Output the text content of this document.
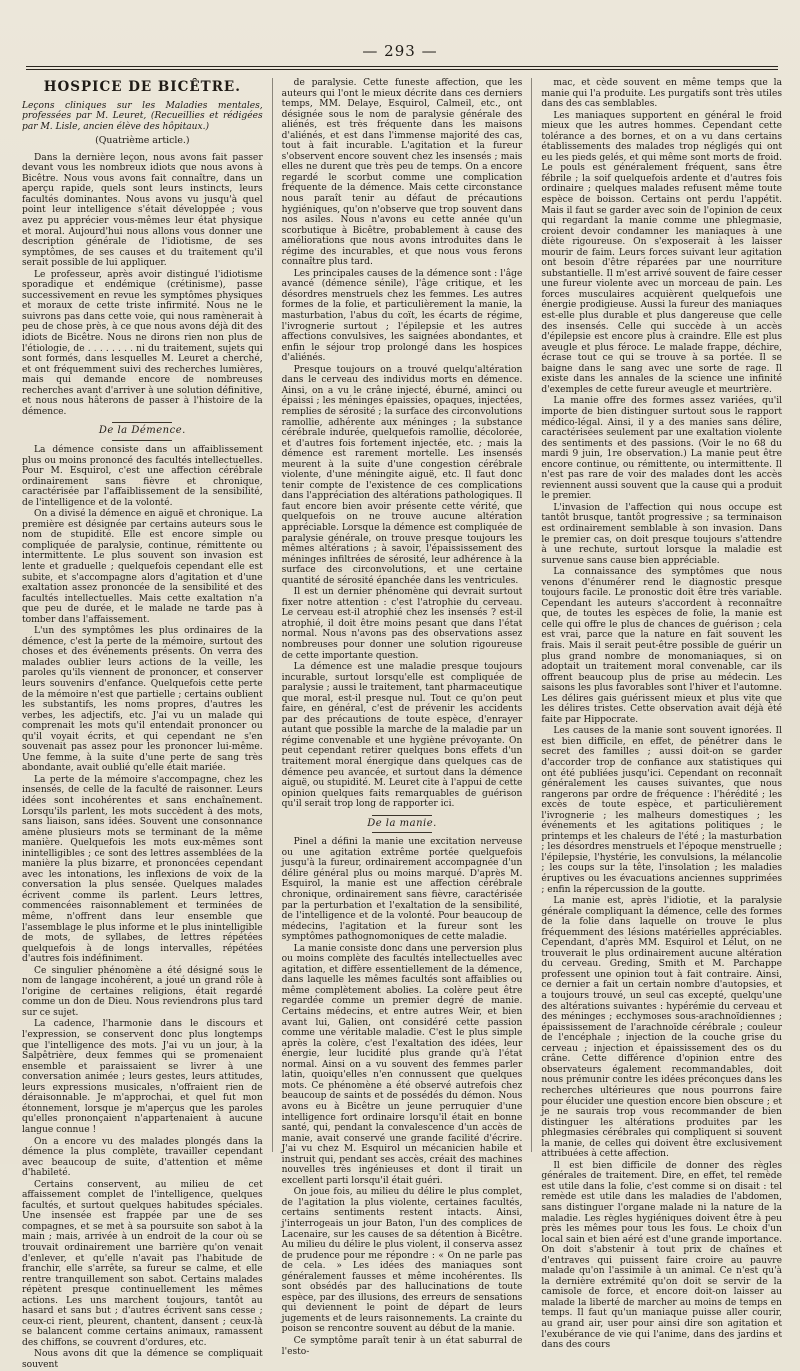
— 293 —
HOSPICE DE BICÊTRE.

Leçons cliniques sur les Maladies mentales, professées par M. Leuret, (Recueillies et rédigées par M. Lisle, ancien élève des hôpitaux.)

(Quatrième article.)

Dans la dernière leçon, nous avons fait passer devant vous les nombreux idiots que nous avons à Bicêtre. Nous vous avons fait connaître, dans un aperçu rapide, quels sont leurs instincts, leurs facultés dominantes. Nous avons vu jusqu'à quel point leur intelligence s'était développée ; vous avez pu apprécier vous-mêmes leur état physique et moral. Aujourd'hui nous allons vous donner une description générale de l'idiotisme, de ses symptômes, de ses causes et du traitement qu'il serait possible de lui appliquer.

Le professeur, après avoir distingué l'idiotisme sporadique et endémique (crétinisme), passe successivement en revue les symptômes physiques et moraux de cette triste infirmité. Nous ne le suivrons pas dans cette voie, qui nous ramènerait à peu de chose près, à ce que nous avons déjà dit des idiots de Bicêtre. Nous ne dirons rien non plus de l'étiologie, de . . . . . . . . ni du traitement, sujets qui sont formés, dans lesquelles M. Leuret a cherché, et ont fréquemment suivi des recherches lumières, mais qui demande encore de nombreuses recherches avant d'arriver à une solution définitive, et nous nous hâterons de passer à l'histoire de la démence.

De la Démence.

La démence consiste dans un affaiblissement plus ou moins prononcé des facultés intellectuelles. Pour M. Esquirol, c'est une affection cérébrale ordinairement sans fièvre et chronique, caractérisée par l'affaiblissement de la sensibilité, de l'intelligence et de la volonté.

On a divisé la démence en aiguë et chronique. La première est désignée par certains auteurs sous le nom de stupidité. Elle est encore simple ou compliquée de paralysie, continue, rémittente ou intermittente. Le plus souvent son invasion est lente et graduelle ; quelquefois cependant elle est subite, et s'accompagne alors d'agitation et d'une exaltation assez prononcée de la sensibilité et des facultés intellectuelles. Mais cette exaltation n'a que peu de durée, et le malade ne tarde pas à tomber dans l'affaissement.

L'un des symptômes les plus ordinaires de la démence, c'est la perte de la mémoire, surtout des choses et des événements présents. On verra des malades oublier leurs actions de la veille, les paroles qu'ils viennent de prononcer, et conserver leurs souvenirs d'enfance. Quelquefois cette perte de la mémoire n'est que partielle ; certains oublient les substantifs, les noms propres, d'autres les verbes, les adjectifs, etc. J'ai vu un malade qui comprenait les mots qu'il entendait prononcer ou qu'il voyait écrits, et qui cependant ne s'en souvenait pas assez pour les prononcer lui-même. Une femme, à la suite d'une perte de sang très abondante, avait oublié qu'elle était mariée.

La perte de la mémoire s'accompagne, chez les insensés, de celle de la faculté de raisonner. Leurs idées sont incohérentes et sans enchaînement. Lorsqu'ils parlent, les mots succèdent à des mots, sans liaison, sans idées. Souvent une consonnance amène plusieurs mots se terminant de la même manière. Quelquefois les mots eux-mêmes sont inintelligibles ; ce sont des lettres assemblées de la manière la plus bizarre, et prononcées cependant avec les intonations, les inflexions de voix de la conversation la plus sensée. Quelques malades écrivent comme ils parlent. Leurs lettres, commencées raisonnablement et terminées de même, n'offrent dans leur ensemble que l'assemblage le plus informe et le plus inintelligible de mots, de syllabes, de lettres répétées quelquefois à de longs intervalles, répétées d'autres fois indéfiniment.

Ce singulier phénomène a été désigné sous le nom de langage incohérent, a joué un grand rôle à l'origine de certaines religions, était regardé comme un don de Dieu. Nous reviendrons plus tard sur ce sujet.

La cadence, l'harmonie dans le discours et l'expression, se conservent donc plus longtemps que l'intelligence des mots. J'ai vu un jour, à la Salpêtrière, deux femmes qui se promenaient ensemble et paraissaient se livrer à une conversation animée ; leurs gestes, leurs attitudes, leurs expressions musicales, n'offraient rien de déraisonnable. Je m'approchai, et quel fut mon étonnement, lorsque je m'aperçus que les paroles qu'elles prononçaient n'appartenaient à aucune langue connue !

On a encore vu des malades plongés dans la démence la plus complète, travailler cependant avec beaucoup de suite, d'attention et même d'habileté.

Certains conservent, au milieu de cet affaissement complet de l'intelligence, quelques facultés, et surtout quelques habitudes spéciales. Une insensée est frappée par une de ses compagnes, et se met à sa poursuite son sabot à la main ; mais, arrivée à un endroit de la cour où se trouvait ordinairement une barrière qu'on venait d'enlever, et qu'elle n'avait pas l'habitude de franchir, elle s'arrête, sa fureur se calme, et elle rentre tranquillement son sabot. Certains malades répètent presque continuellement les mêmes actions. Les uns marchent toujours, tantôt au hasard et sans but ; d'autres écrivent sans cesse ; ceux-ci rient, pleurent, chantent, dansent ; ceux-là se balancent comme certains animaux, ramassent des chiffons, se couvrent d'ordures, etc.

Nous avons dit que la démence se compliquait souvent

de paralysie. Cette funeste affection, que les auteurs qui l'ont le mieux décrite dans ces derniers temps, MM. Delaye, Esquirol, Calmeil, etc., ont désignée sous le nom de paralysie générale des aliénés, est très fréquente dans les maisons d'aliénés, et est dans l'immense majorité des cas, tout à fait incurable. L'agitation et la fureur s'observent encore souvent chez les insensés ; mais elles ne durent que très peu de temps. On a encore regardé le scorbut comme une complication fréquente de la démence. Mais cette circonstance nous paraît tenir au défaut de précautions hygiéniques, qu'on n'observe que trop souvent dans nos asiles. Nous n'avons eu cette année qu'un scorbutique à Bicêtre, probablement à cause des améliorations que nous avons introduites dans le régime des incurables, et que nous vous ferons connaître plus tard.

Les principales causes de la démence sont : l'âge avancé (démence sénile), l'âge critique, et les désordres menstruels chez les femmes. Les autres formes de la folie, et particulièrement la manie, la masturbation, l'abus du coït, les écarts de régime, l'ivrognerie surtout ; l'épilepsie et les autres affections convulsives, les saignées abondantes, et enfin le séjour trop prolongé dans les hospices d'aliénés.

Presque toujours on a trouvé quelqu'altération dans le cerveau des individus morts en démence. Ainsi, on a vu le crâne injecté, éburné, aminci ou épaissi ; les méninges épaissies, opaques, injectées, remplies de sérosité ; la surface des circonvolutions ramollie, adhérente aux méninges ; la substance cérébrale indurée, quelquefois ramollie, décolorée, et d'autres fois fortement injectée, etc. ; mais la démence est rarement mortelle. Les insensés meurent à la suite d'une congestion cérébrale violente, d'une méningite aiguë, etc. Il faut donc tenir compte de l'existence de ces complications dans l'appréciation des altérations pathologiques. Il faut encore bien avoir présente cette vérité, que quelquefois on ne trouve aucune altération appréciable. Lorsque la démence est compliquée de paralysie générale, on trouve presque toujours les mêmes altérations ; à savoir, l'épaississement des méninges infiltrées de sérosité, leur adhérence à la surface des circonvolutions, et une certaine quantité de sérosité épanchée dans les ventricules.

Il est un dernier phénomène qui devrait surtout fixer notre attention : c'est l'atrophie du cerveau. Le cerveau est-il atrophié chez les insensés ? est-il atrophié, il doit être moins pesant que dans l'état normal. Nous n'avons pas des observations assez nombreuses pour donner une solution rigoureuse de cette importante question.

La démence est une maladie presque toujours incurable, surtout lorsqu'elle est compliquée de paralysie ; aussi le traitement, tant pharmaceutique que moral, est-il presque nul. Tout ce qu'on peut faire, en général, c'est de prévenir les accidents par des précautions de toute espèce, d'enrayer autant que possible la marche de la maladie par un régime convenable et une hygiène prévoyante. On peut cependant retirer quelques bons effets d'un traitement moral énergique dans quelques cas de démence peu avancée, et surtout dans la démence aiguë, ou stupidité. M. Leuret cite à l'appui de cette opinion quelques faits remarquables de guérison qu'il serait trop long de rapporter ici.

De la manie.

Pinel a défini la manie une excitation nerveuse ou une agitation extrême portée quelquefois jusqu'à la fureur, ordinairement accompagnée d'un délire général plus ou moins marqué. D'après M. Esquirol, la manie est une affection cérébrale chronique, ordinairement sans fièvre, caractérisée par la perturbation et l'exaltation de la sensibilité, de l'intelligence et de la volonté. Pour beaucoup de médecins, l'agitation et la fureur sont les symptômes pathognomoniques de cette maladie.

La manie consiste donc dans une perversion plus ou moins complète des facultés intellectuelles avec agitation, et diffère essentiellement de la démence, dans laquelle les mêmes facultés sont affaiblies ou même complètement abolies. La colère peut être regardée comme un premier degré de manie. Certains médecins, et entre autres Weir, et bien avant lui, Galien, ont considéré cette passion comme une véritable maladie. C'est le plus simple après la colère, c'est l'exaltation des idées, leur énergie, leur lucidité plus grande qu'à l'état normal. Ainsi on a vu souvent des femmes parler latin, quoiqu'elles n'en connussent que quelques mots. Ce phénomène a été observé autrefois chez beaucoup de saints et de possédés du démon. Nous avons eu à Bicêtre un jeune perruquier d'une intelligence fort ordinaire lorsqu'il était en bonne santé, qui, pendant la convalescence d'un accès de manie, avait conservé une grande facilité d'écrire. J'ai vu chez M. Esquirol un mécanicien habile et instruit qui, pendant ses accès, créait des machines nouvelles très ingénieuses et dont il tirait un excellent parti lorsqu'il était guéri.

On joue fois, au milieu du délire le plus complet, de l'agitation la plus violente, certaines facultés, certains sentiments restent intacts. Ainsi, j'interrogeais un jour Baton, l'un des complices de Lacenaire, sur les causes de sa détention à Bicêtre. Au milieu du délire le plus violent, il conserva assez de prudence pour me répondre : « On ne parle pas de cela. » Les idées des maniaques sont généralement fausses et même incohérentes. Ils sont obsédés par des hallucinations de toute espèce, par des illusions, des erreurs de sensations qui deviennent le point de départ de leurs jugements et de leurs raisonnements. La crainte du poison se rencontre souvent au début de la manie.

Ce symptôme paraît tenir à un état saburral de l'esto-

mac, et cède souvent en même temps que la manie qui l'a produite. Les purgatifs sont très utiles dans des cas semblables.

Les maniaques supportent en général le froid mieux que les autres hommes. Cependant cette tolérance a des bornes, et on a vu dans certains établissements des malades trop négligés qui ont eu les pieds gelés, et qui même sont morts de froid. Le pouls est généralement fréquent, sans être fébrile ; la soif quelquefois ardente et d'autres fois ordinaire ; quelques malades refusent même toute espèce de boisson. Certains ont perdu l'appétit. Mais il faut se garder avec soin de l'opinion de ceux qui regardant la manie comme une phlegmasie, croient devoir condamner les maniaques à une diète rigoureuse. On s'exposerait à les laisser mourir de faim. Leurs forces suivant leur agitation ont besoin d'être réparées par une nourriture substantielle. Il m'est arrivé souvent de faire cesser une fureur violente avec un morceau de pain. Les forces musculaires acquièrent quelquefois une énergie prodigieuse. Aussi la fureur des maniaques est-elle plus durable et plus dangereuse que celle des insensés. Celle qui succède à un accès d'épilepsie est encore plus à craindre. Elle est plus aveugle et plus féroce. Le malade frappe, déchire, écrase tout ce qui se trouve à sa portée. Il se baigne dans le sang avec une sorte de rage. Il existe dans les annales de la science une infinité d'exemples de cette fureur aveugle et meurtrière.

La manie offre des formes assez variées, qu'il importe de bien distinguer surtout sous le rapport médico-légal. Ainsi, il y a des manies sans délire, caractérisées seulement par une exaltation violente des sentiments et des passions. (Voir le no 68 du mardi 9 juin, 1re observation.) La manie peut être encore continue, ou rémittente, ou intermittente. Il n'est pas rare de voir des malades dont les accès reviennent aussi souvent que la cause qui a produit le premier.

L'invasion de l'affection qui nous occupe est tantôt brusque, tantôt progressive ; sa terminaison est ordinairement semblable à son invasion. Dans le premier cas, on doit presque toujours s'attendre à une rechute, surtout lorsque la maladie est survenue sans cause bien appréciable.

La connaissance des symptômes que nous venons d'énumérer rend le diagnostic presque toujours facile. Le pronostic doit être très variable. Cependant les auteurs s'accordent à reconnaître que, de toutes les espèces de folie, la manie est celle qui offre le plus de chances de guérison ; cela est vrai, parce que la nature en fait souvent les frais. Mais il serait peut-être possible de guérir un plus grand nombre de monomaniaques, si on adoptait un traitement moral convenable, car ils offrent beaucoup plus de prise au médecin. Les saisons les plus favorables sont l'hiver et l'automne. Les délires gais guérissent mieux et plus vite que les délires tristes. Cette observation avait déjà été faite par Hippocrate.

Les causes de la manie sont souvent ignorées. Il est bien difficile, en effet, de pénétrer dans le secret des familles ; aussi doit-on se garder d'accorder trop de confiance aux statistiques qui ont été publiées jusqu'ici. Cependant on reconnaît généralement les causes suivantes, que nous rangerons par ordre de fréquence : l'hérédité ; les excès de toute espèce, et particulièrement l'ivrognerie ; les malheurs domestiques ; les événements et les agitations politiques ; le printemps et les chaleurs de l'été ; la masturbation ; les désordres menstruels et l'époque menstruelle ; l'épilepsie, l'hystérie, les convulsions, la mélancolie ; les coups sur la tête, l'insolation ; les maladies éruptives ou les évacuations anciennes supprimées ; enfin la répercussion de la goutte.

La manie est, après l'idiotie, et la paralysie générale compliquant la démence, celle des formes de la folie dans laquelle on trouve le plus fréquemment des lésions matérielles appréciables. Cependant, d'après MM. Esquirol et Lélut, on ne trouverait le plus ordinairement aucune altération du cerveau. Greding, Smith et M. Parchappe professent une opinion tout à fait contraire. Ainsi, ce dernier a fait un certain nombre d'autopsies, et a toujours trouvé, un seul cas excepté, quelqu'une des altérations suivantes : hypérémie du cerveau et des méninges ; ecchymoses sous-arachnoïdiennes ; épaississement de l'arachnoïde cérébrale ; couleur de l'encéphale ; injection de la couche grise du cerveau ; injection et épaississement des os du crâne. Cette différence d'opinion entre des observateurs également recommandables, doit nous prémunir contre les idées préconçues dans les recherches ultérieures que nous pourrons faire pour élucider une question encore bien obscure ; et je ne saurais trop vous recommander de bien distinguer les altérations produites par les phlegmasies cérébrales qui compliquent si souvent la manie, de celles qui doivent être exclusivement attribuées à cette affection.

Il est bien difficile de donner des règles générales de traitement. Dire, en effet, tel remède est utile dans la folie, c'est comme si on disait : tel remède est utile dans les maladies de l'abdomen, sans distinguer l'organe malade ni la nature de la maladie. Les règles hygiéniques doivent être à peu près les mêmes pour tous les fous. Le choix d'un local sain et bien aéré est d'une grande importance. On doit s'abstenir à tout prix de chaînes et d'entraves qui puissent faire croire au pauvre malade qu'on l'assimile à un animal. Ce n'est qu'à la dernière extrémité qu'on doit se servir de la camisole de force, et encore doit-on laisser au malade la liberté de marcher au moins de temps en temps. Il faut qu'un maniaque puisse aller courir, au grand air, user pour ainsi dire son agitation et l'exubérance de vie qui l'anime, dans des jardins et dans des cours
